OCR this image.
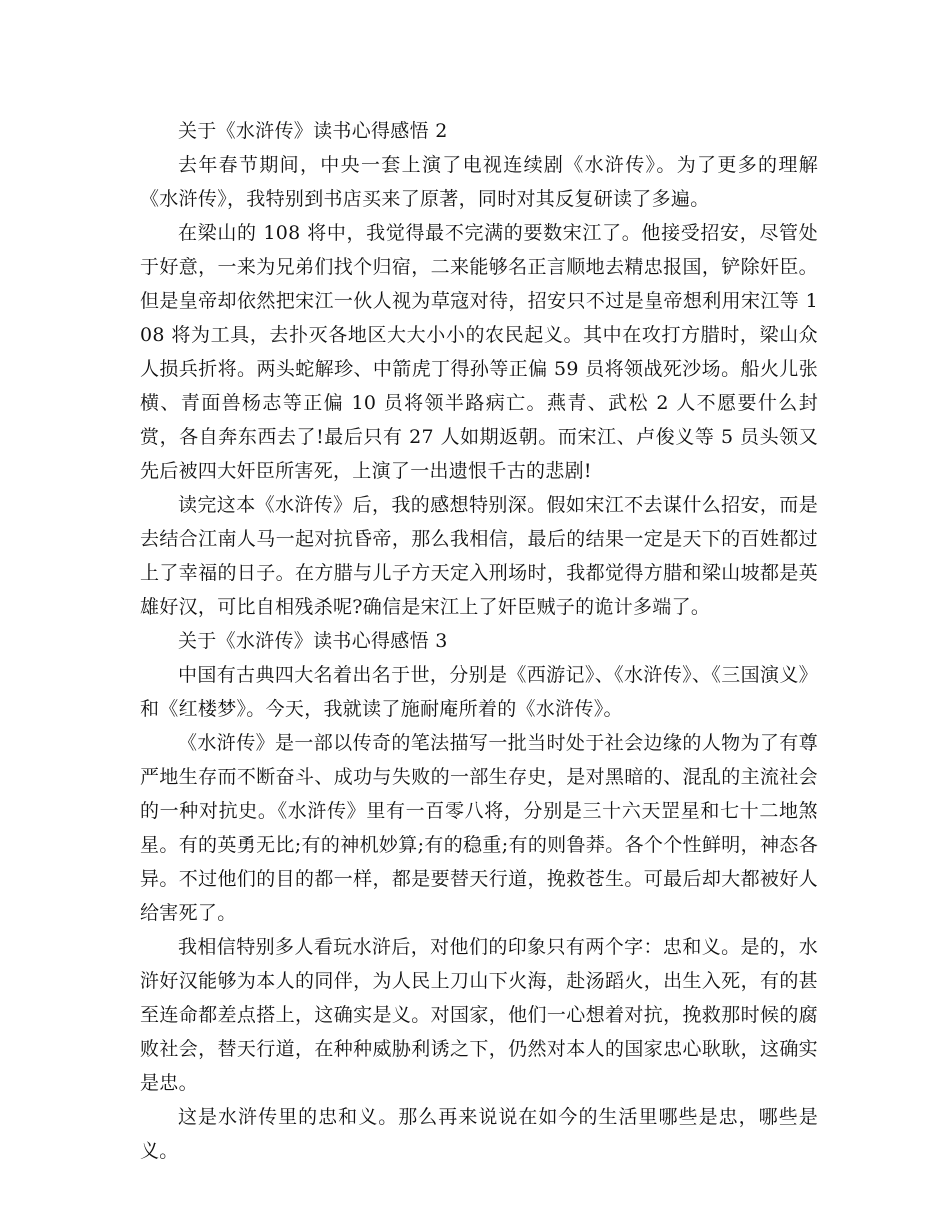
关于《水浒传》读书心得感悟 2

去年春节期间，中央一套上演了电视连续剧《水浒传》。为了更多的理解《水浒传》，我特别到书店买来了原著，同时对其反复研读了多遍。

在梁山的 108 将中，我觉得最不完满的要数宋江了。他接受招安，尽管处于好意，一来为兄弟们找个归宿，二来能够名正言顺地去精忠报国，铲除奸臣。但是皇帝却依然把宋江一伙人视为草寇对待，招安只不过是皇帝想利用宋江等 108 将为工具，去扑灭各地区大大小小的农民起义。其中在攻打方腊时，梁山众人损兵折将。两头蛇解珍、中箭虎丁得孙等正偏 59 员将领战死沙场。船火儿张横、青面兽杨志等正偏 10 员将领半路病亡。燕青、武松 2 人不愿要什么封赏，各自奔东西去了!最后只有 27 人如期返朝。而宋江、卢俊义等 5 员头领又先后被四大奸臣所害死，上演了一出遗恨千古的悲剧!

读完这本《水浒传》后，我的感想特别深。假如宋江不去谋什么招安，而是去结合江南人马一起对抗昏帝，那么我相信，最后的结果一定是天下的百姓都过上了幸福的日子。在方腊与儿子方天定入刑场时，我都觉得方腊和梁山坡都是英雄好汉，可比自相残杀呢?确信是宋江上了奸臣贼子的诡计多端了。

关于《水浒传》读书心得感悟 3

中国有古典四大名着出名于世，分别是《西游记》、《水浒传》、《三国演义》和《红楼梦》。今天，我就读了施耐庵所着的《水浒传》。

《水浒传》是一部以传奇的笔法描写一批当时处于社会边缘的人物为了有尊严地生存而不断奋斗、成功与失败的一部生存史，是对黑暗的、混乱的主流社会的一种对抗史。《水浒传》里有一百零八将，分别是三十六天罡星和七十二地煞星。有的英勇无比;有的神机妙算;有的稳重;有的则鲁莽。各个个性鲜明，神态各异。不过他们的目的都一样，都是要替天行道，挽救苍生。可最后却大都被好人给害死了。

我相信特别多人看玩水浒后，对他们的印象只有两个字：忠和义。是的，水浒好汉能够为本人的同伴，为人民上刀山下火海，赴汤蹈火，出生入死，有的甚至连命都差点搭上，这确实是义。对国家，他们一心想着对抗，挽救那时候的腐败社会，替天行道，在种种威胁利诱之下，仍然对本人的国家忠心耿耿，这确实是忠。

这是水浒传里的忠和义。那么再来说说在如今的生活里哪些是忠，哪些是义。
